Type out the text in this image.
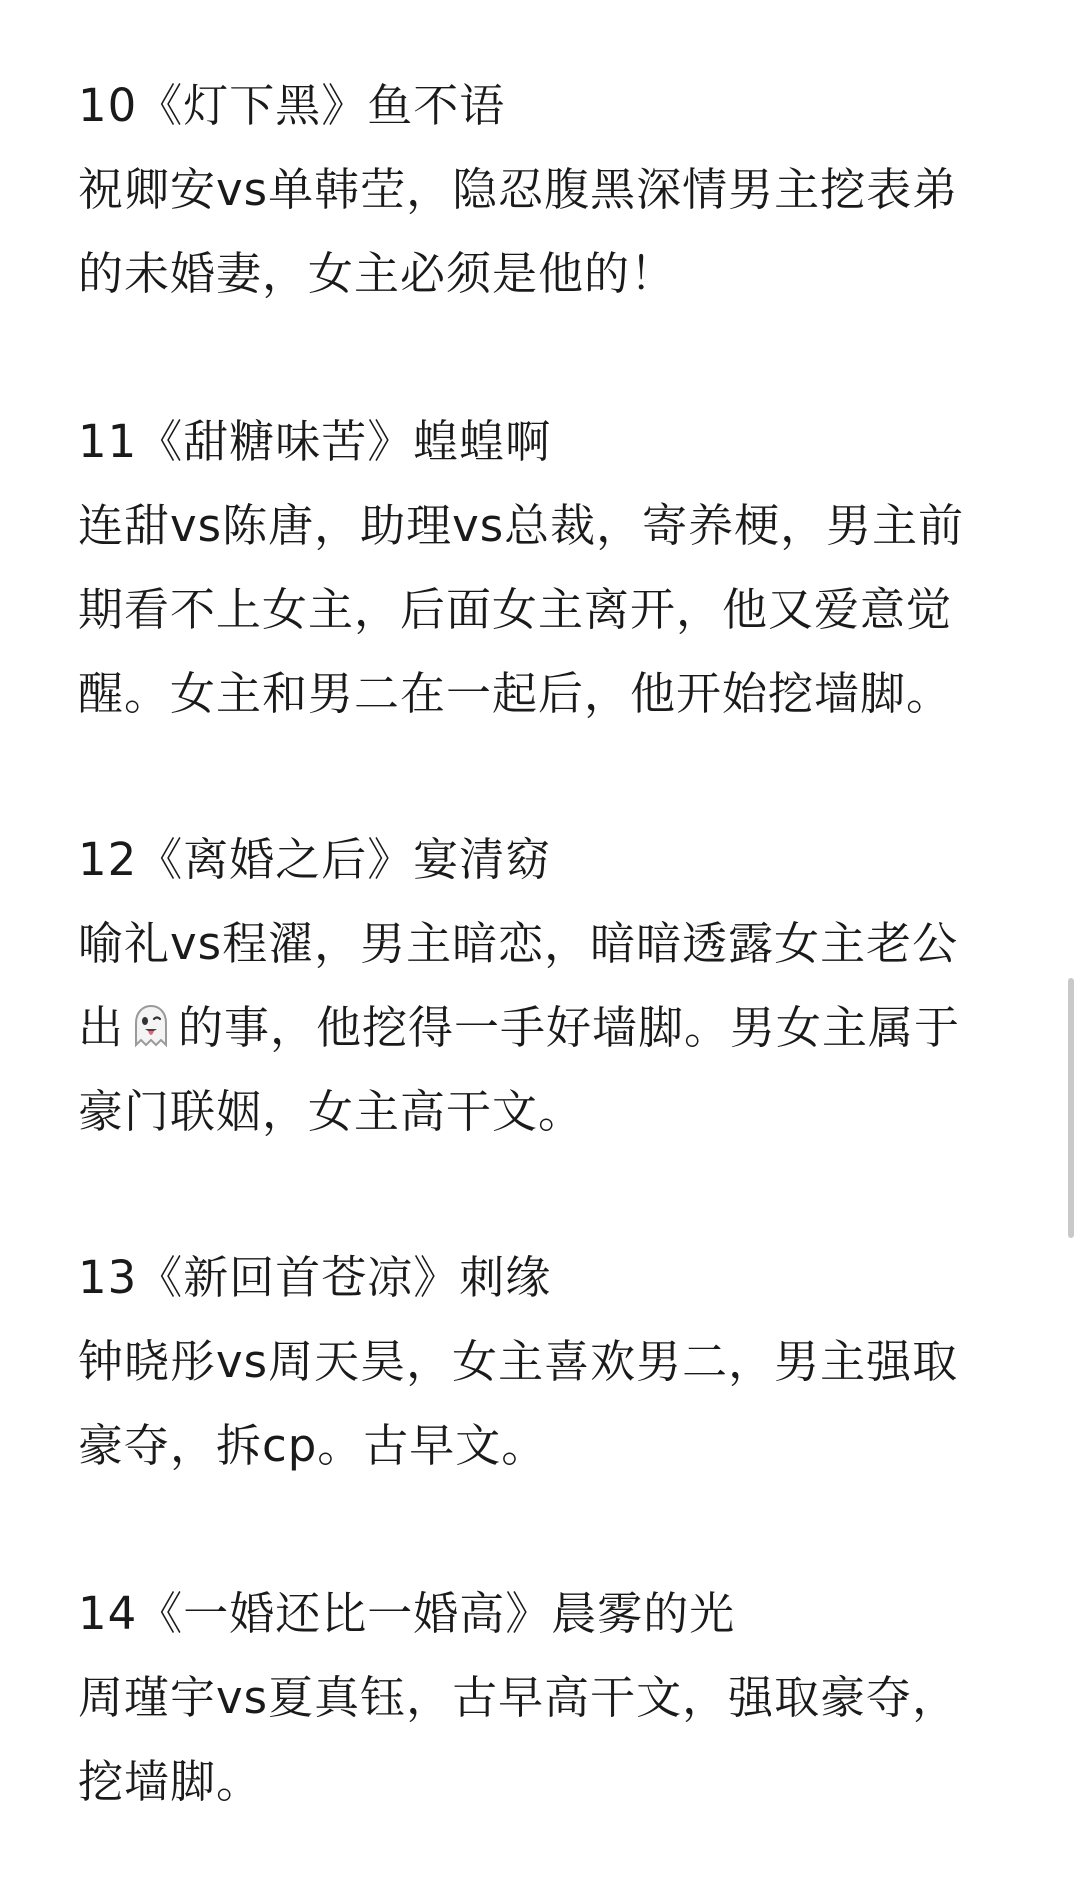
10《灯下黑》鱼不语
祝卿安vs单韩茔，隐忍腹黑深情男主挖表弟
的未婚妻，女主必须是他的！
11《甜糖味苦》蝗蝗啊
连甜vs陈唐，助理vs总裁，寄养梗，男主前
期看不上女主，后面女主离开，他又爱意觉
醒。女主和男二在一起后，他开始挖墙脚。
12《离婚之后》宴清窈
喻礼vs程濯，男主暗恋，暗暗透露女主老公
出 的事，他挖得一手好墙脚。男女主属于
豪门联姻，女主高干文。
13《新回首苍凉》刺缘
钟晓彤vs周天昊，女主喜欢男二，男主强取
豪夺，拆cp。古早文。
14《一婚还比一婚高》晨雾的光
周瑾宇vs夏真钰，古早高干文，强取豪夺，
挖墙脚。
